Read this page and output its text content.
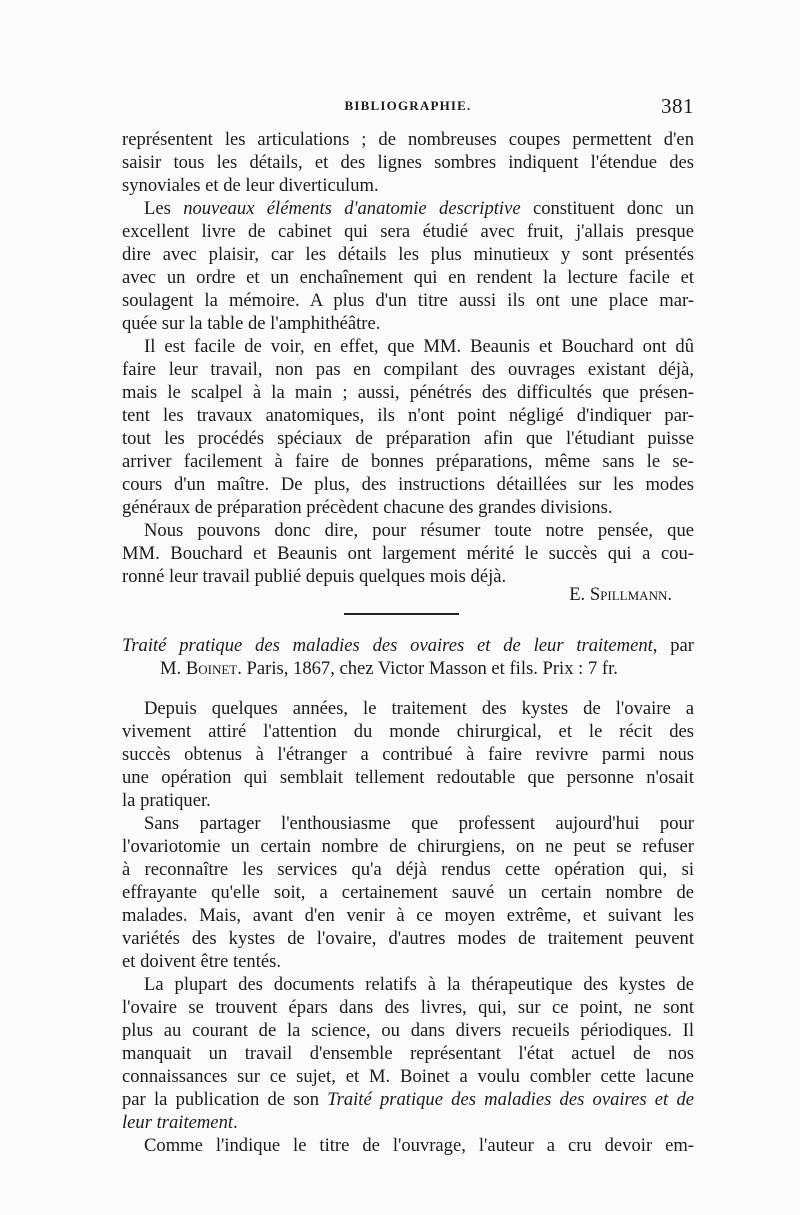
BIBLIOGRAPHIE.	381
représentent les articulations ; de nombreuses coupes permettent d'en
saisir tous les détails, et des lignes sombres indiquent l'étendue des
synoviales et de leur diverticulum.
Les nouveaux éléments d'anatomie descriptive constituent donc un
excellent livre de cabinet qui sera étudié avec fruit, j'allais presque
dire avec plaisir, car les détails les plus minutieux y sont présentés
avec un ordre et un enchaînement qui en rendent la lecture facile et
soulagent la mémoire. A plus d'un titre aussi ils ont une place mar-
quée sur la table de l'amphithéâtre.
Il est facile de voir, en effet, que MM. Beaunis et Bouchard ont dû
faire leur travail, non pas en compilant des ouvrages existant déjà,
mais le scalpel à la main ; aussi, pénétrés des difficultés que présen-
tent les travaux anatomiques, ils n'ont point négligé d'indiquer par-
tout les procédés spéciaux de préparation afin que l'étudiant puisse
arriver facilement à faire de bonnes préparations, même sans le se-
cours d'un maître. De plus, des instructions détaillées sur les modes
généraux de préparation précèdent chacune des grandes divisions.
Nous pouvons donc dire, pour résumer toute notre pensée, que
MM. Bouchard et Beaunis ont largement mérité le succès qui a cou-
ronné leur travail publié depuis quelques mois déjà.
E. Spillmann.
Traité pratique des maladies des ovaires et de leur traitement, par
M. Boinet. Paris, 1867, chez Victor Masson et fils. Prix : 7 fr.
Depuis quelques années, le traitement des kystes de l'ovaire a
vivement attiré l'attention du monde chirurgical, et le récit des
succès obtenus à l'étranger a contribué à faire revivre parmi nous
une opération qui semblait tellement redoutable que personne n'osait
la pratiquer.
Sans partager l'enthousiasme que professent aujourd'hui pour
l'ovariotomie un certain nombre de chirurgiens, on ne peut se refuser
à reconnaître les services qu'a déjà rendus cette opération qui, si
effrayante qu'elle soit, a certainement sauvé un certain nombre de
malades. Mais, avant d'en venir à ce moyen extrême, et suivant les
variétés des kystes de l'ovaire, d'autres modes de traitement peuvent
et doivent être tentés.
La plupart des documents relatifs à la thérapeutique des kystes de
l'ovaire se trouvent épars dans des livres, qui, sur ce point, ne sont
plus au courant de la science, ou dans divers recueils périodiques. Il
manquait un travail d'ensemble représentant l'état actuel de nos
connaissances sur ce sujet, et M. Boinet a voulu combler cette lacune
par la publication de son Traité pratique des maladies des ovaires et de
leur traitement.
Comme l'indique le titre de l'ouvrage, l'auteur a cru devoir em-
